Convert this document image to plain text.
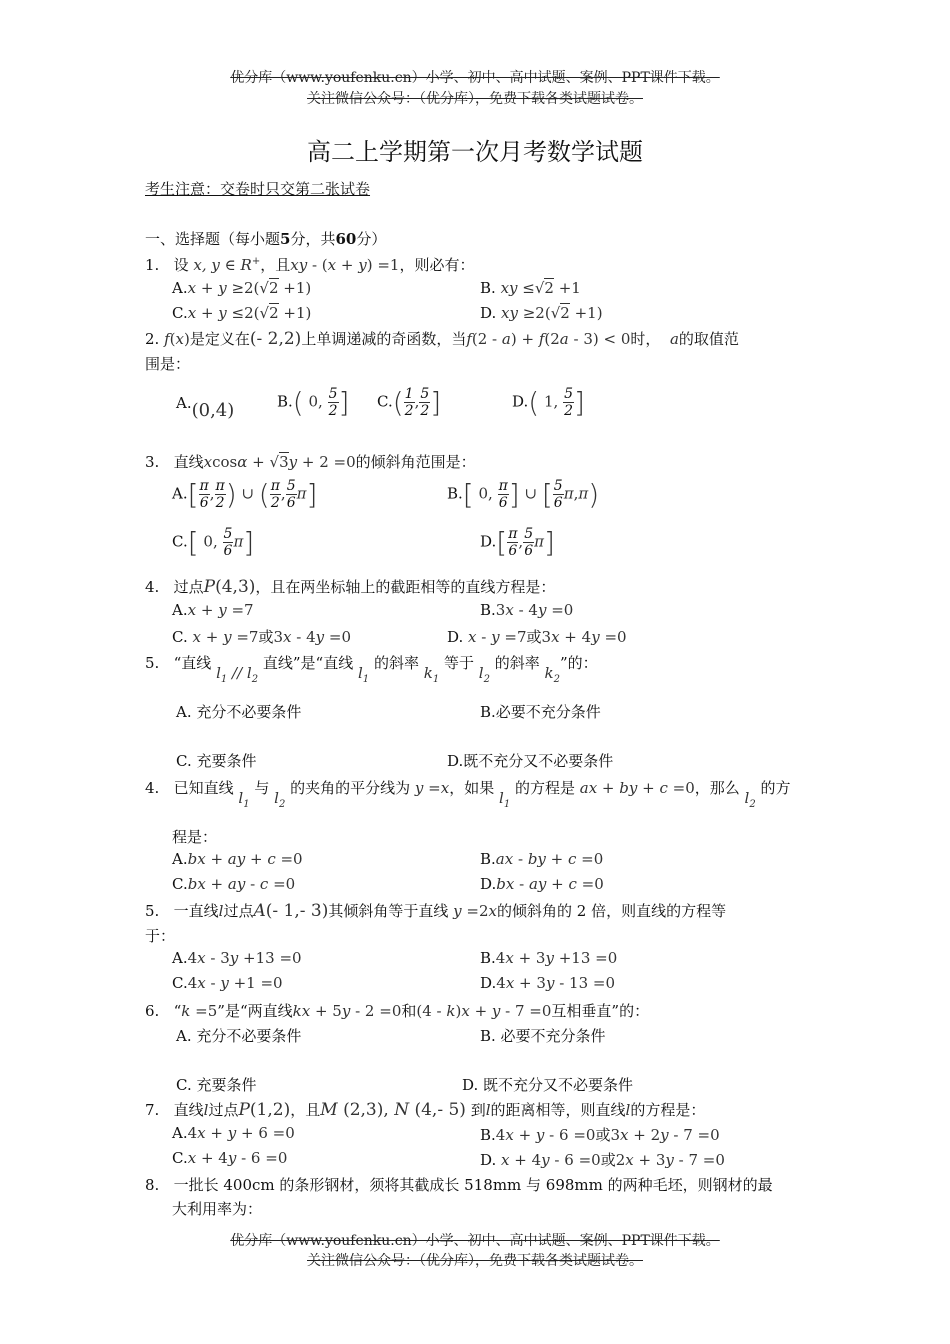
优分库（www.youfenku.cn）小学、初中、高中试题、案例、PPT课件下载。
关注微信公众号：（优分库），免费下载各类试题试卷。
高二上学期第一次月考数学试题
考生注意：交卷时只交第二张试卷
一、选择题（每小题5分，共60分）
1. 设 x, y ∈ R+，且xy - (x + y) =1，则必有：
A.x + y ≥2(√2 +1)	B. xy ≤√2 +1
C.x + y ≤2(√2 +1)	D. xy ≥2(√2 +1)
2. f(x)是定义在(- 2,2)上单调递减的奇函数，当f(2 - a) + f(2a - 3) < 0时， a的取值范
围是：
A.(0,4)	B.( 0, $\frac{5}{2}$ ] $C.( \frac{1}{2}$ , $\frac{5}{2}$ ]	D.( 1, $\frac{5}{2}$ ]
3. 直线xcosα + √3y + 2 =0的倾斜角范围是：
$A.[ \frac{\pi}{6}$ , $\frac{\pi}{2}$ ) ∪ ( $\frac{\pi}{2}$ , $\frac{5}{6} \pi$]	B.[ 0, $\frac{\pi}{6}$ ] ∪ [ $\frac{5}{6} \pi,\pi$)
C.[ 0, $\frac{5}{6} \pi$]	$D.[ \frac{\pi}{6}$ , $\frac{5}{6} \pi$]
4. 过点P(4,3)，且在两坐标轴上的截距相等的直线方程是：
A.x + y =7	B.3x - 4y =0
C. x + y =7或3x - 4y =0	D. x - y =7或3x + 4y =0
5. “直线 $l_1 // l_2$ 直线”是“直线 $l_1$ 的斜率 $k_1$ 等于 $l_2$ 的斜率 $k_2$”的：
A. 充分不必要条件	B.必要不充分条件
C. 充要条件	D.既不充分又不必要条件
4. 已知直线 $l_1$ 与 $l_2$ 的夹角的平分线为 y =x，如果 $l_1$ 的方程是 ax + by + c =0，那么 $l_2$ 的方
程是：
A.bx + ay + c =0	B.ax - by + c =0
C.bx + ay - c =0	D.bx - ay + c =0
5. 一直线l过点A(- 1,- 3)其倾斜角等于直线 y =2x的倾斜角的 2 倍，则直线的方程等
于：
A.4x - 3y +13 =0	B.4x + 3y +13 =0
C.4x - y +1 =0	D.4x + 3y - 13 =0
6. “k =5”是“两直线kx + 5y - 2 =0和(4 - k)x + y - 7 =0互相垂直”的：
A. 充分不必要条件	B. 必要不充分条件
C. 充要条件	D. 既不充分又不必要条件
7. 直线l过点P(1,2)，且M (2,3), N (4,- 5) 到l的距离相等，则直线l的方程是：
A.4x + y + 6 =0	B.4x + y - 6 =0或3x + 2y - 7 =0
C.x + 4y - 6 =0	D. x + 4y - 6 =0或2x + 3y - 7 =0
8. 一批长 400cm 的条形钢材，须将其截成长 518mm 与 698mm 的两种毛坯，则钢材的最
大利用率为：
优分库（www.youfenku.cn）小学、初中、高中试题、案例、PPT课件下载。
关注微信公众号：（优分库），免费下载各类试题试卷。
